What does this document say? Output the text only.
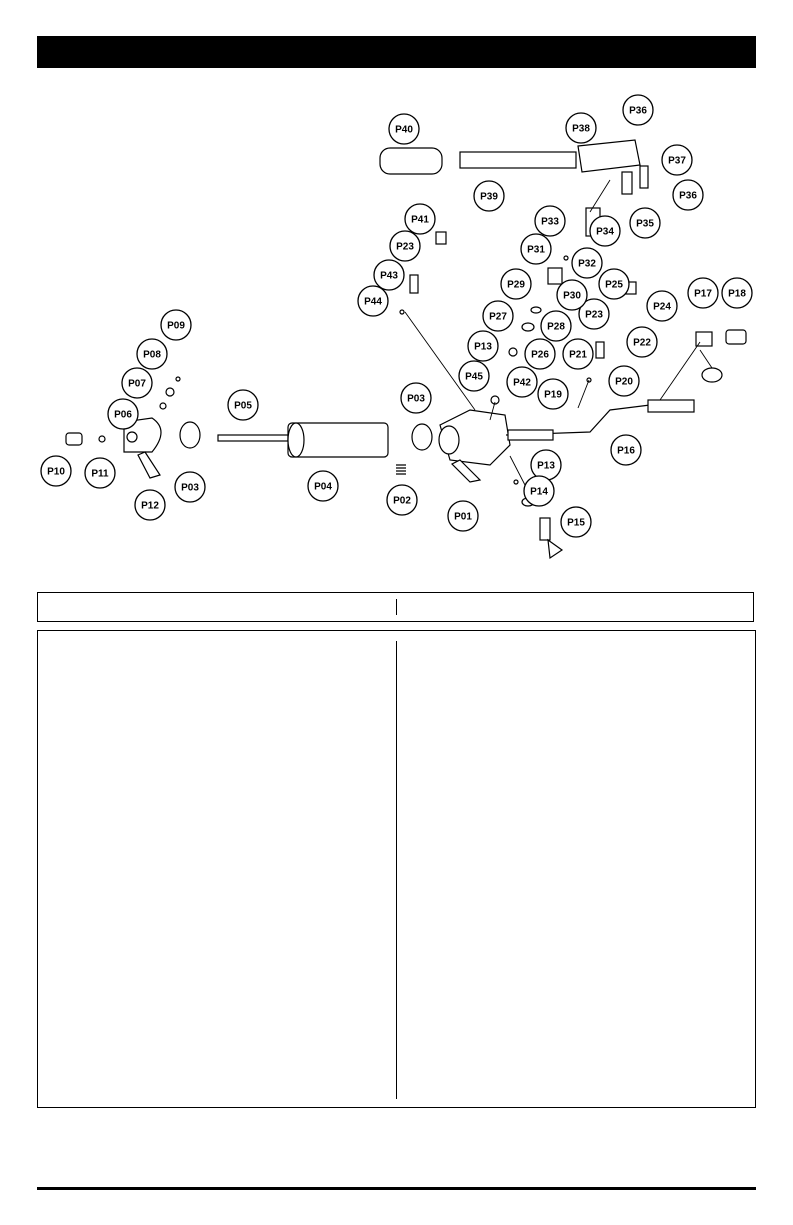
P01
P02
P03
P03	P04
P05
P06
P07
P08
P09
P10	P11
P12
P13
P13
P14
P15
P16
P17 P18
P19
P20
P21
P22
P23
P23
P24
P25
P26
P27
P28
P29
P30
P31
P32
P33
P34
P35
P36
P36
P37
P38
P39
P40
P41
P42
P43
P44
P45
